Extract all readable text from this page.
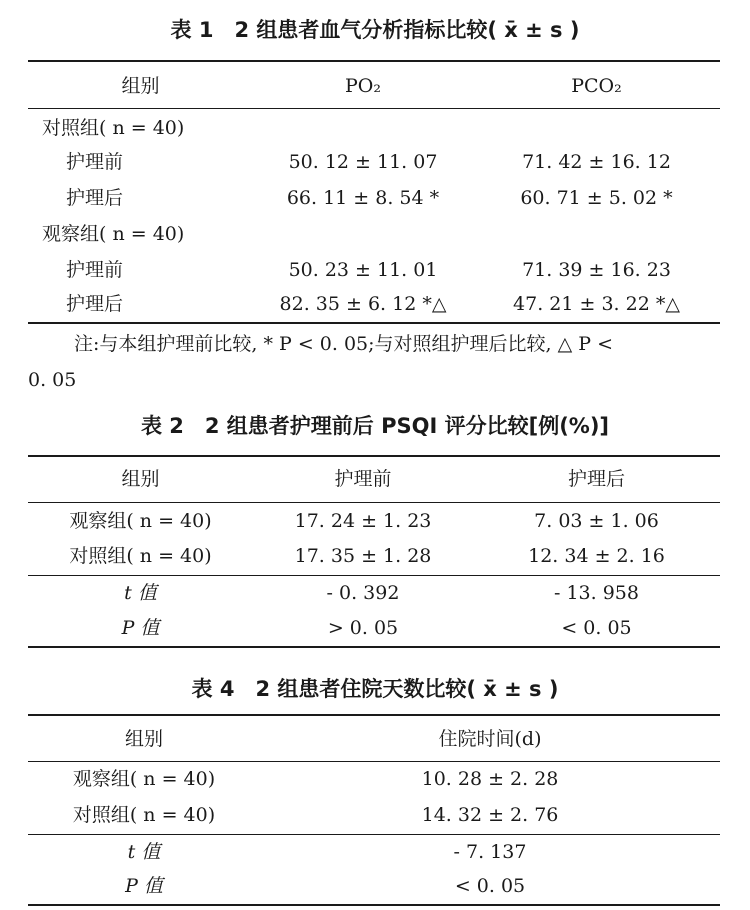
表 1　2 组患者血气分析指标比较( x̄ ± s )
组别	PO₂	PCO₂
对照组( n = 40)
护理前	50. 12 ± 11. 07	71. 42 ± 16. 12
护理后	66. 11 ± 8. 54 *	60. 71 ± 5. 02 *
观察组( n = 40)
护理前	50. 23 ± 11. 01	71. 39 ± 16. 23
护理后	82. 35 ± 6. 12 *△	47. 21 ± 3. 22 *△
注:与本组护理前比较, * P < 0. 05;与对照组护理后比较, △ P <
0. 05
表 2　2 组患者护理前后 PSQI 评分比较[例(%)]
组别	护理前	护理后
观察组( n = 40)	17. 24 ± 1. 23	7. 03 ± 1. 06
对照组( n = 40)	17. 35 ± 1. 28	12. 34 ± 2. 16
t 值	- 0. 392	- 13. 958
P 值	> 0. 05	< 0. 05
表 4　2 组患者住院天数比较( x̄ ± s )
组别	住院时间(d)
观察组( n = 40)	10. 28 ± 2. 28
对照组( n = 40)	14. 32 ± 2. 76
t 值	- 7. 137
P 值	< 0. 05
